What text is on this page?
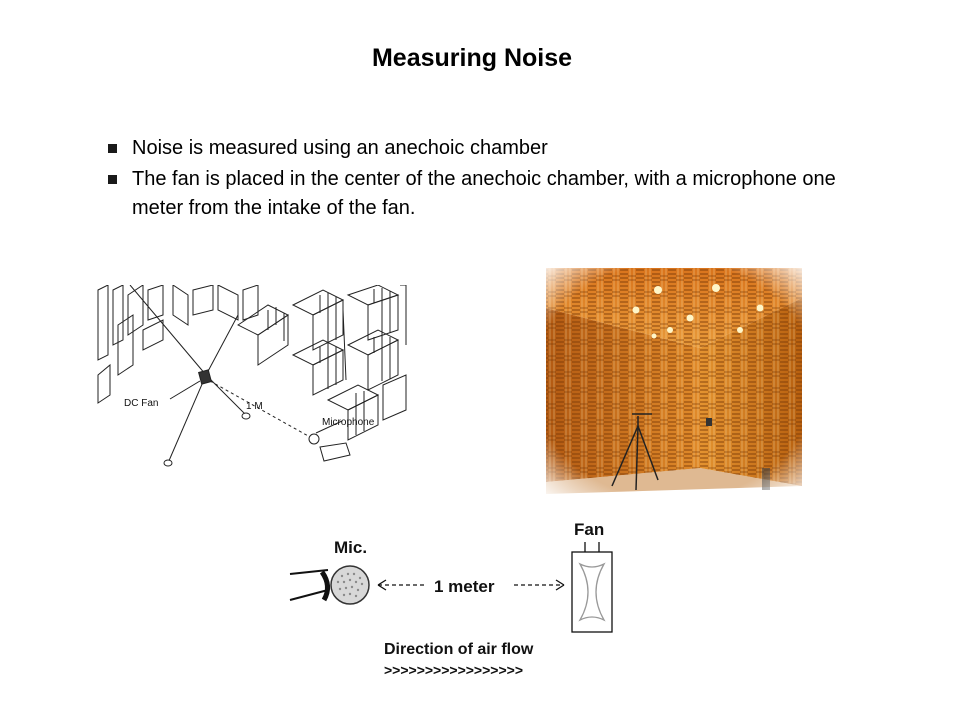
Measuring Noise
Noise is measured using an anechoic chamber
The fan is placed in the center of the anechoic chamber, with a microphone one meter from the intake of the fan.
DC Fan	1 M
Microphone
Mic.
1 meter
Fan
Direction of air flow
>>>>>>>>>>>>>>>>>
